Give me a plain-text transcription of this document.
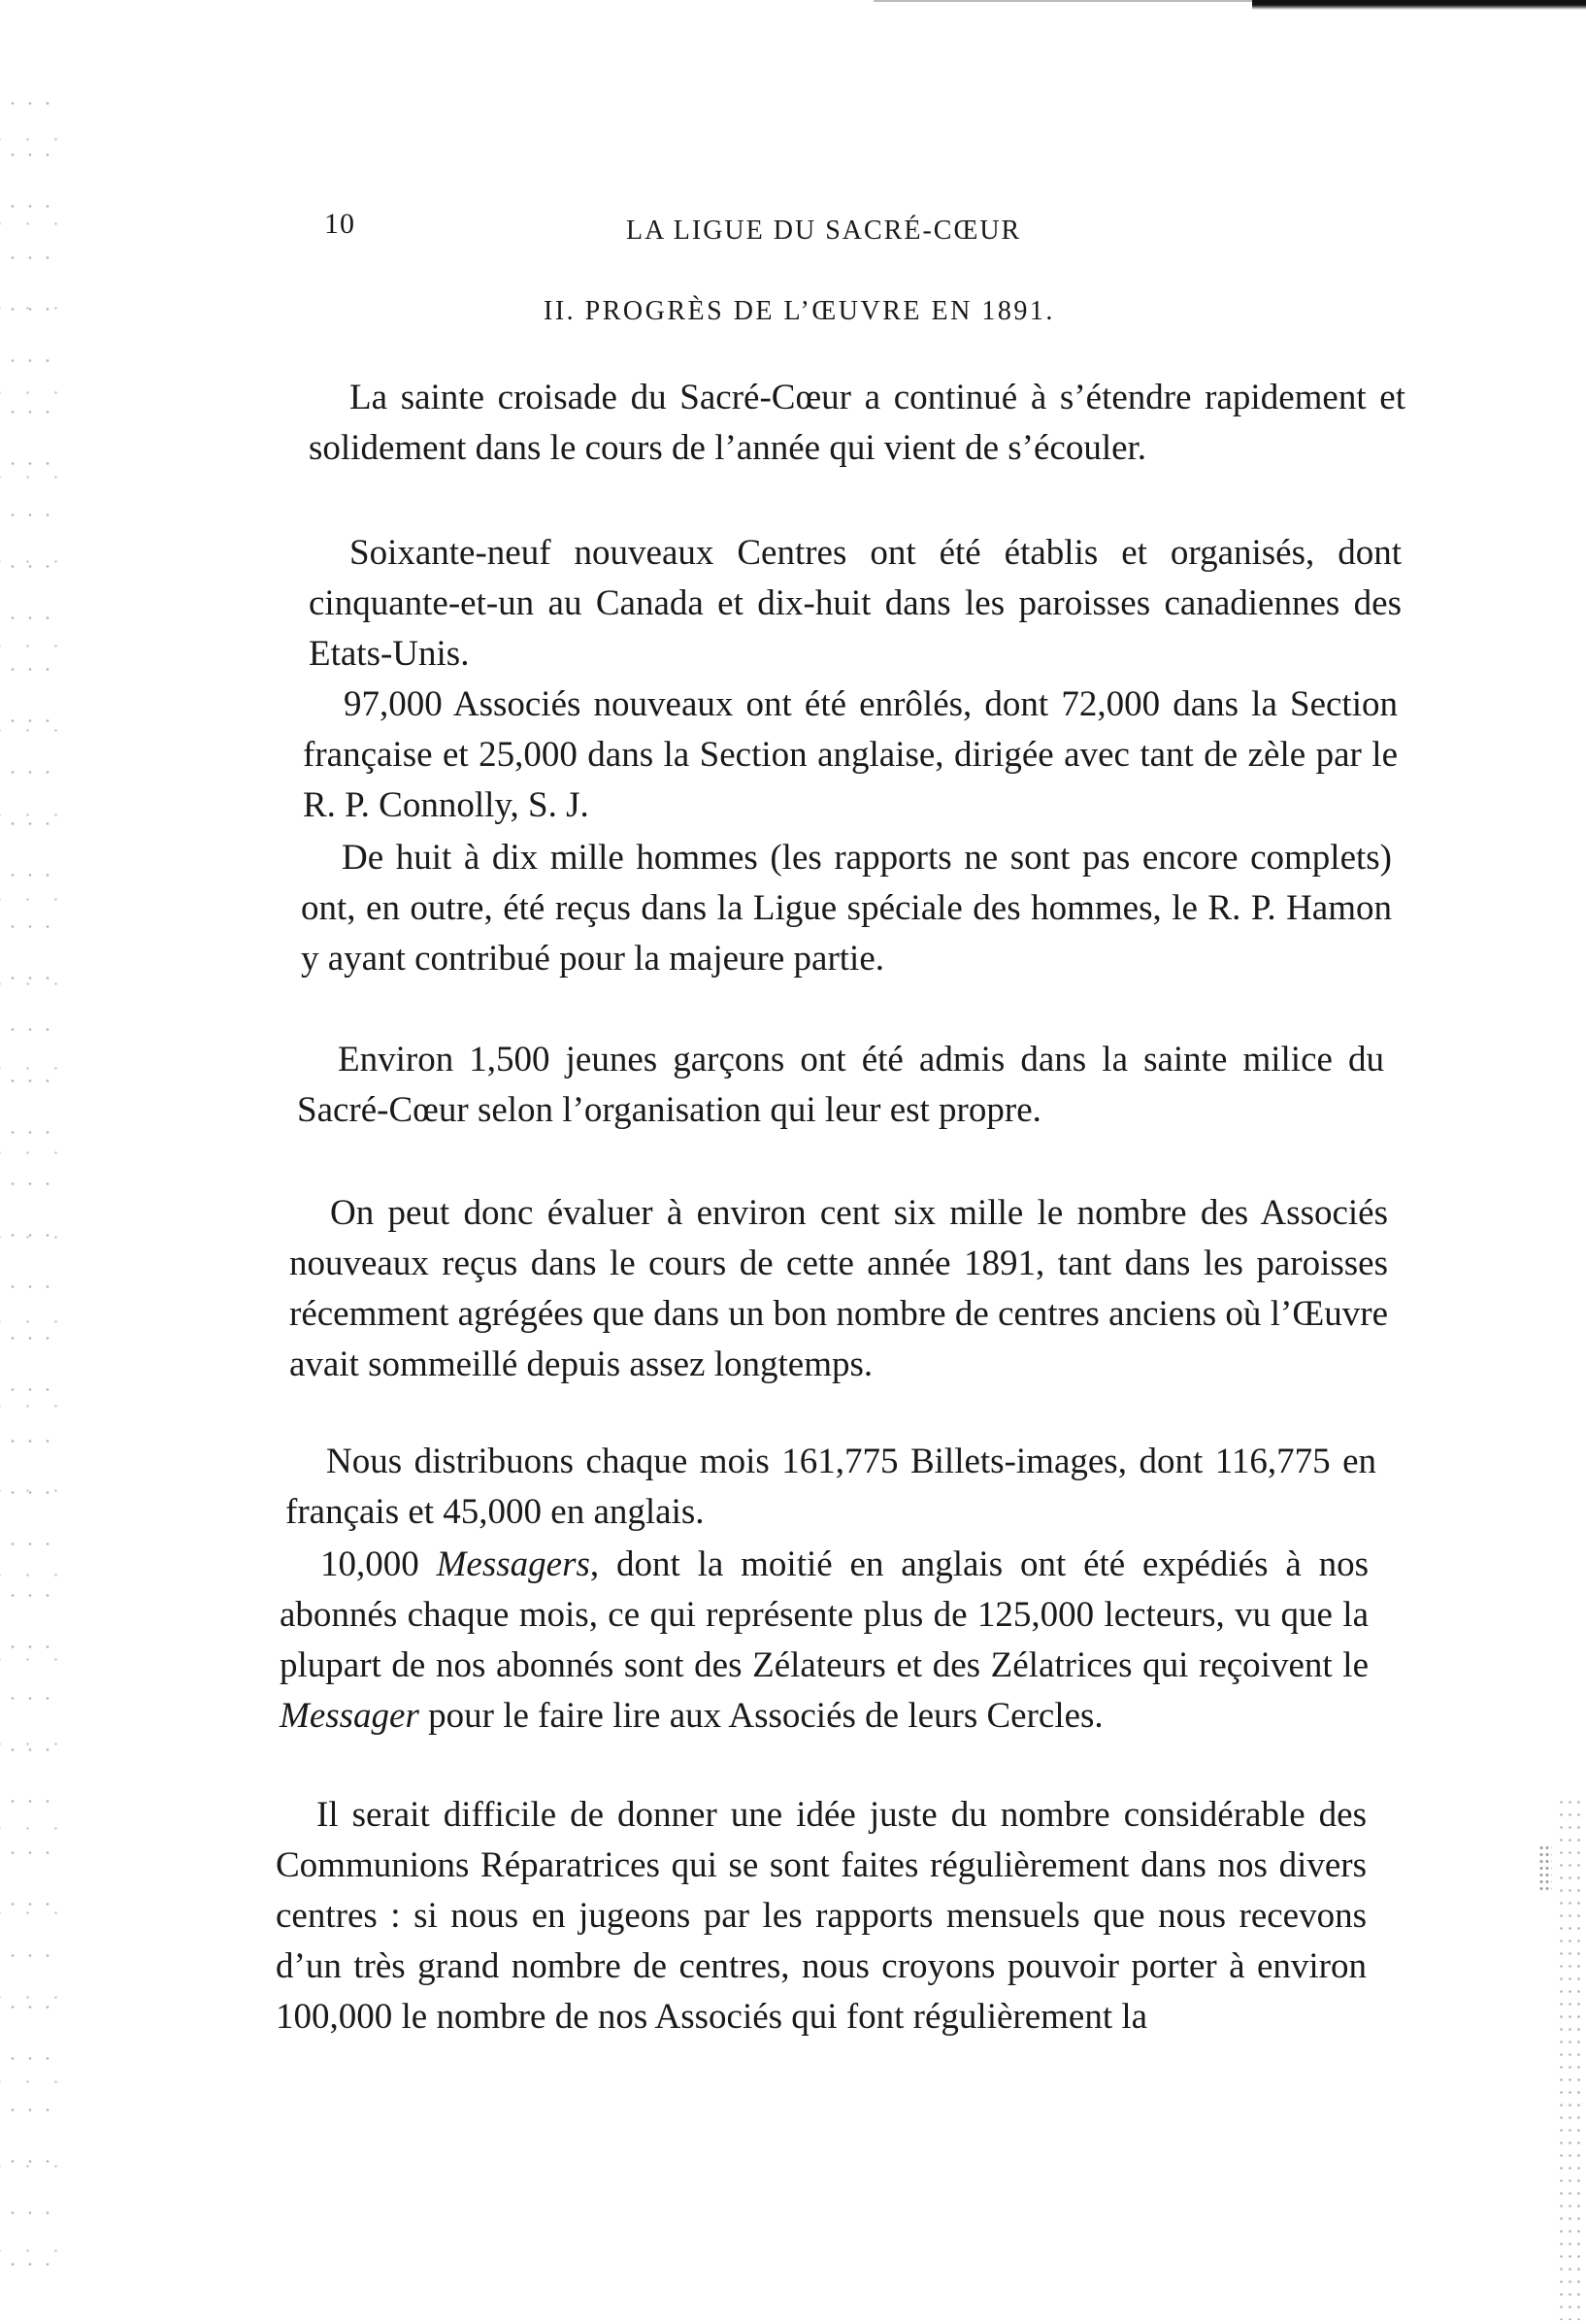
10	LA LIGUE DU SACRÉ-CŒUR
II. PROGRÈS DE L’ŒUVRE EN 1891.
La sainte croisade du Sacré-Cœur a continué à s’étendre rapidement et solidement dans le cours de l’année qui vient de s’écouler.
Soixante-neuf nouveaux Centres ont été établis et organisés, dont cinquante-et-un au Canada et dix-huit dans les paroisses canadiennes des Etats-Unis.
97,000 Associés nouveaux ont été enrôlés, dont 72,000 dans la Section française et 25,000 dans la Section anglaise, dirigée avec tant de zèle par le R. P. Connolly, S. J.
De huit à dix mille hommes (les rapports ne sont pas encore complets) ont, en outre, été reçus dans la Ligue spéciale des hommes, le R. P. Hamon y ayant contribué pour la majeure partie.
Environ 1,500 jeunes garçons ont été admis dans la sainte milice du Sacré-Cœur selon l’organisation qui leur est propre.
On peut donc évaluer à environ cent six mille le nombre des Associés nouveaux reçus dans le cours de cette année 1891, tant dans les paroisses récemment agrégées que dans un bon nombre de centres anciens où l’Œuvre avait sommeillé depuis assez longtemps.
Nous distribuons chaque mois 161,775 Billets-images, dont 116,775 en français et 45,000 en anglais.
10,000 Messagers, dont la moitié en anglais ont été expédiés à nos abonnés chaque mois, ce qui représente plus de 125,000 lecteurs, vu que la plupart de nos abonnés sont des Zélateurs et des Zélatrices qui reçoivent le Messager pour le faire lire aux Associés de leurs Cercles.
Il serait difficile de donner une idée juste du nombre considérable des Communions Réparatrices qui se sont faites régulièrement dans nos divers centres : si nous en jugeons par les rapports mensuels que nous recevons d’un très grand nombre de centres, nous croyons pouvoir porter à environ 100,000 le nombre de nos Associés qui font régulièrement la
